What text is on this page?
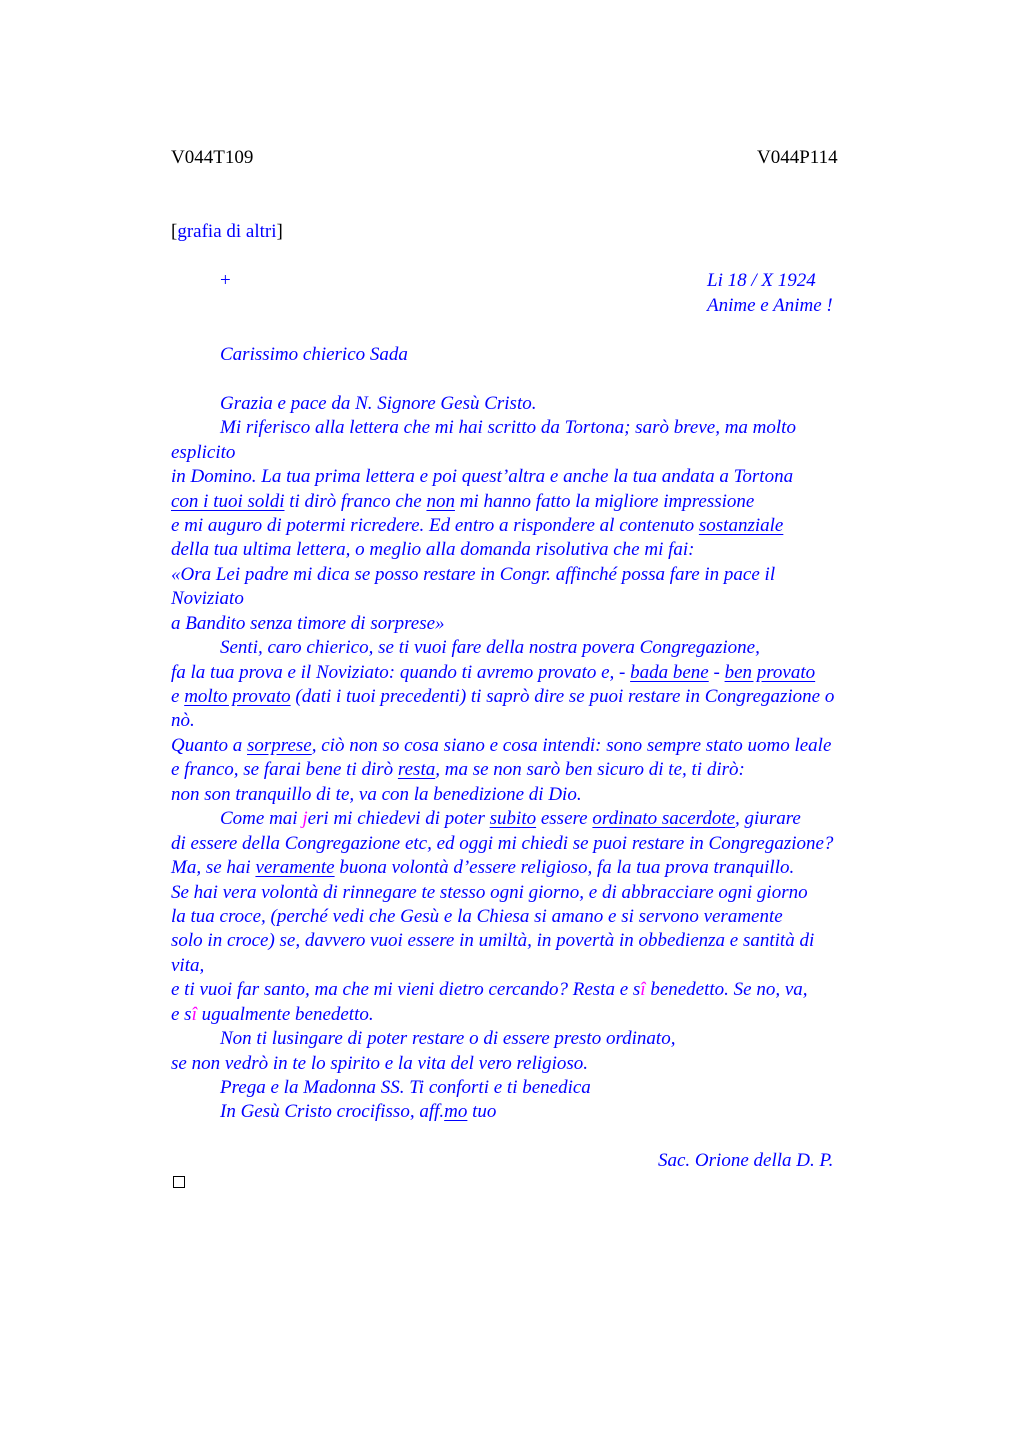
V044T109	V044P114
[grafia di altri]
+	Li 18 / X 1924
Anime e Anime !
Carissimo chierico Sada
Grazia e pace da N. Signore Gesù Cristo.
Mi riferisco alla lettera che mi hai scritto da Tortona; sarò breve, ma molto
esplicito
in Domino. La tua prima lettera e poi quest’altra e anche la tua andata a Tortona
con i tuoi soldi ti dirò franco che non mi hanno fatto la migliore impressione
e mi auguro di potermi ricredere. Ed entro a rispondere al contenuto sostanziale
della tua ultima lettera, o meglio alla domanda risolutiva che mi fai:
«Ora Lei padre mi dica se posso restare in Congr. affinché possa fare in pace il
Noviziato
a Bandito senza timore di sorprese»
Senti, caro chierico, se ti vuoi fare della nostra povera Congregazione,
fa la tua prova e il Noviziato: quando ti avremo provato e, - bada bene - ben provato
e molto provato (dati i tuoi precedenti) ti saprò dire se puoi restare in Congregazione o
nò.
Quanto a sorprese, ciò non so cosa siano e cosa intendi: sono sempre stato uomo leale
e franco, se farai bene ti dirò resta, ma se non sarò ben sicuro di te, ti dirò:
non son tranquillo di te, va con la benedizione di Dio.
Come mai jeri mi chiedevi di poter subito essere ordinato sacerdote, giurare
di essere della Congregazione etc, ed oggi mi chiedi se puoi restare in Congregazione?
Ma, se hai veramente buona volontà d’essere religioso, fa la tua prova tranquillo.
Se hai vera volontà di rinnegare te stesso ogni giorno, e di abbracciare ogni giorno
la tua croce, (perché vedi che Gesù e la Chiesa si amano e si servono veramente
solo in croce) se, davvero vuoi essere in umiltà, in povertà in obbedienza e santità di
vita,
e ti vuoi far santo, ma che mi vieni dietro cercando? Resta e sî benedetto. Se no, va,
e sî ugualmente benedetto.
Non ti lusingare di poter restare o di essere presto ordinato,
se non vedrò in te lo spirito e la vita del vero religioso.
Prega e la Madonna SS. Ti conforti e ti benedica
In Gesù Cristo crocifisso, aff.mo tuo
Sac. Orione della D. P.
